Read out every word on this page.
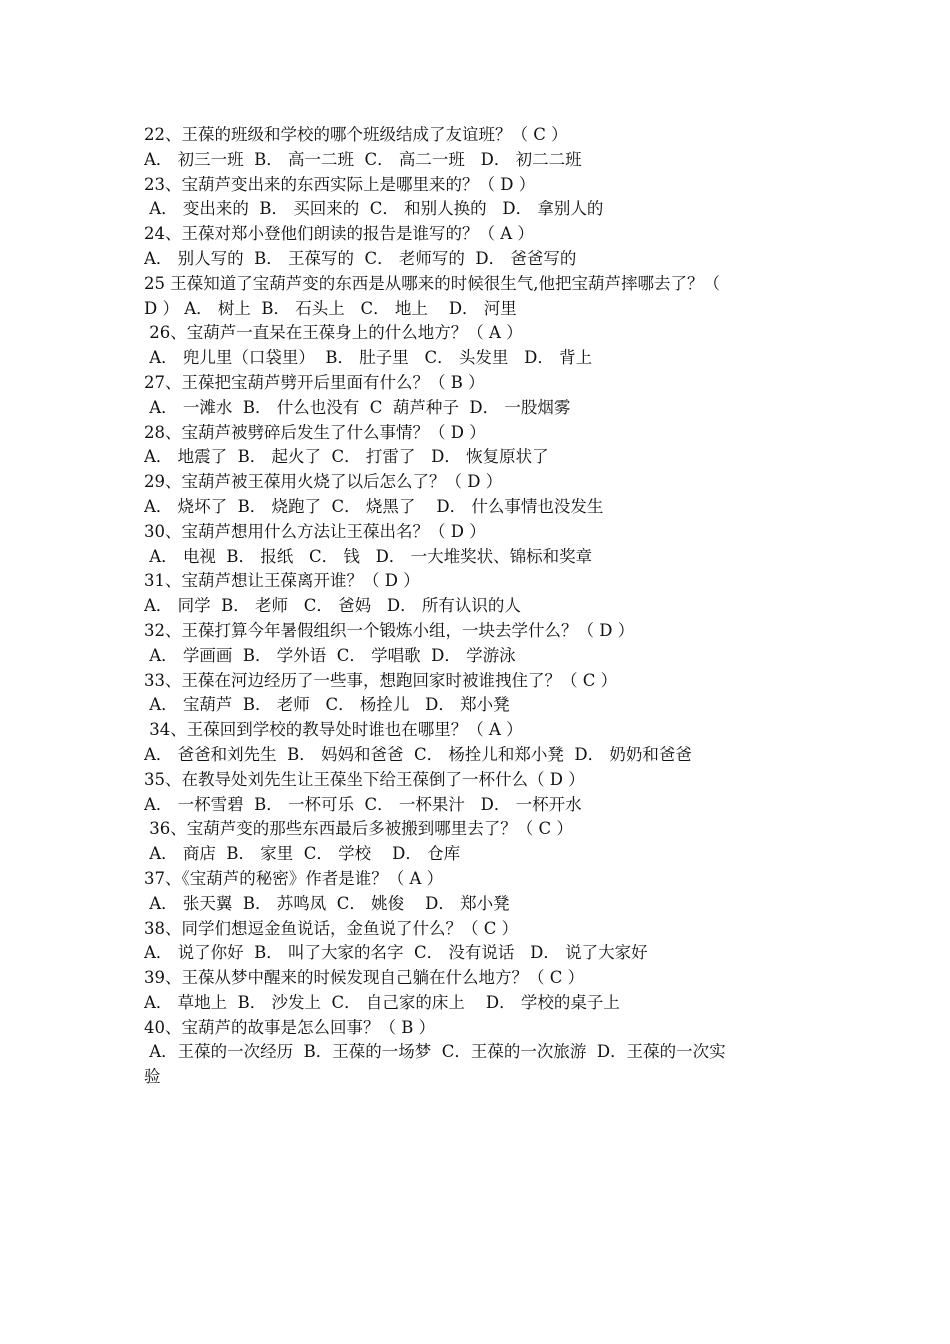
22、王葆的班级和学校的哪个班级结成了友谊班？（ C ）
A． 初三一班  B． 高一二班  C． 高二一班   D． 初二二班
23、宝葫芦变出来的东西实际上是哪里来的？（ D ）
A． 变出来的  B． 买回来的  C． 和别人换的   D． 拿别人的
24、王葆对郑小登他们朗读的报告是谁写的？（ A ）
A． 别人写的  B． 王葆写的  C． 老师写的  D． 爸爸写的
25 王葆知道了宝葫芦变的东西是从哪来的时候很生气,他把宝葫芦摔哪去了？（
D ） A． 树上  B． 石头上   C． 地上    D． 河里
26、宝葫芦一直呆在王葆身上的什么地方？（ A ）
A． 兜儿里（口袋里）  B． 肚子里   C． 头发里   D． 背上
27、王葆把宝葫芦劈开后里面有什么？（ B ）
A． 一滩水  B． 什么也没有  C  葫芦种子  D． 一股烟雾
28、宝葫芦被劈碎后发生了什么事情？（ D ）
A． 地震了  B． 起火了  C． 打雷了   D． 恢复原状了
29、宝葫芦被王葆用火烧了以后怎么了？（ D ）
A． 烧坏了  B． 烧跑了  C． 烧黑了    D． 什么事情也没发生
30、宝葫芦想用什么方法让王葆出名？（ D ）
A． 电视  B． 报纸   C． 钱   D． 一大堆奖状、锦标和奖章
31、宝葫芦想让王葆离开谁？（ D ）
A． 同学  B． 老师   C． 爸妈   D． 所有认识的人
32、王葆打算今年暑假组织一个锻炼小组，一块去学什么？（ D ）
A． 学画画  B． 学外语  C． 学唱歌  D． 学游泳
33、王葆在河边经历了一些事，想跑回家时被谁拽住了？（ C ）
A． 宝葫芦  B． 老师   C． 杨拴儿   D． 郑小凳
34、王葆回到学校的教导处时谁也在哪里？（ A ）
A． 爸爸和刘先生  B． 妈妈和爸爸  C． 杨拴儿和郑小凳  D． 奶奶和爸爸
35、在教导处刘先生让王葆坐下给王葆倒了一杯什么（ D ）
A． 一杯雪碧  B． 一杯可乐  C． 一杯果汁   D． 一杯开水
36、宝葫芦变的那些东西最后多被搬到哪里去了？（ C ）
A． 商店  B． 家里  C． 学校    D． 仓库
37、《宝葫芦的秘密》作者是谁？（ A ）
A． 张天翼  B． 苏鸣凤  C． 姚俊    D． 郑小凳
38、同学们想逗金鱼说话，金鱼说了什么？（ C ）
A． 说了你好  B． 叫了大家的名字  C． 没有说话   D． 说了大家好
39、王葆从梦中醒来的时候发现自己躺在什么地方？（ C ）
A． 草地上  B． 沙发上  C． 自己家的床上    D． 学校的桌子上
40、宝葫芦的故事是怎么回事？（ B ）
A．王葆的一次经历  B．王葆的一场梦  C．王葆的一次旅游  D．王葆的一次实
验
